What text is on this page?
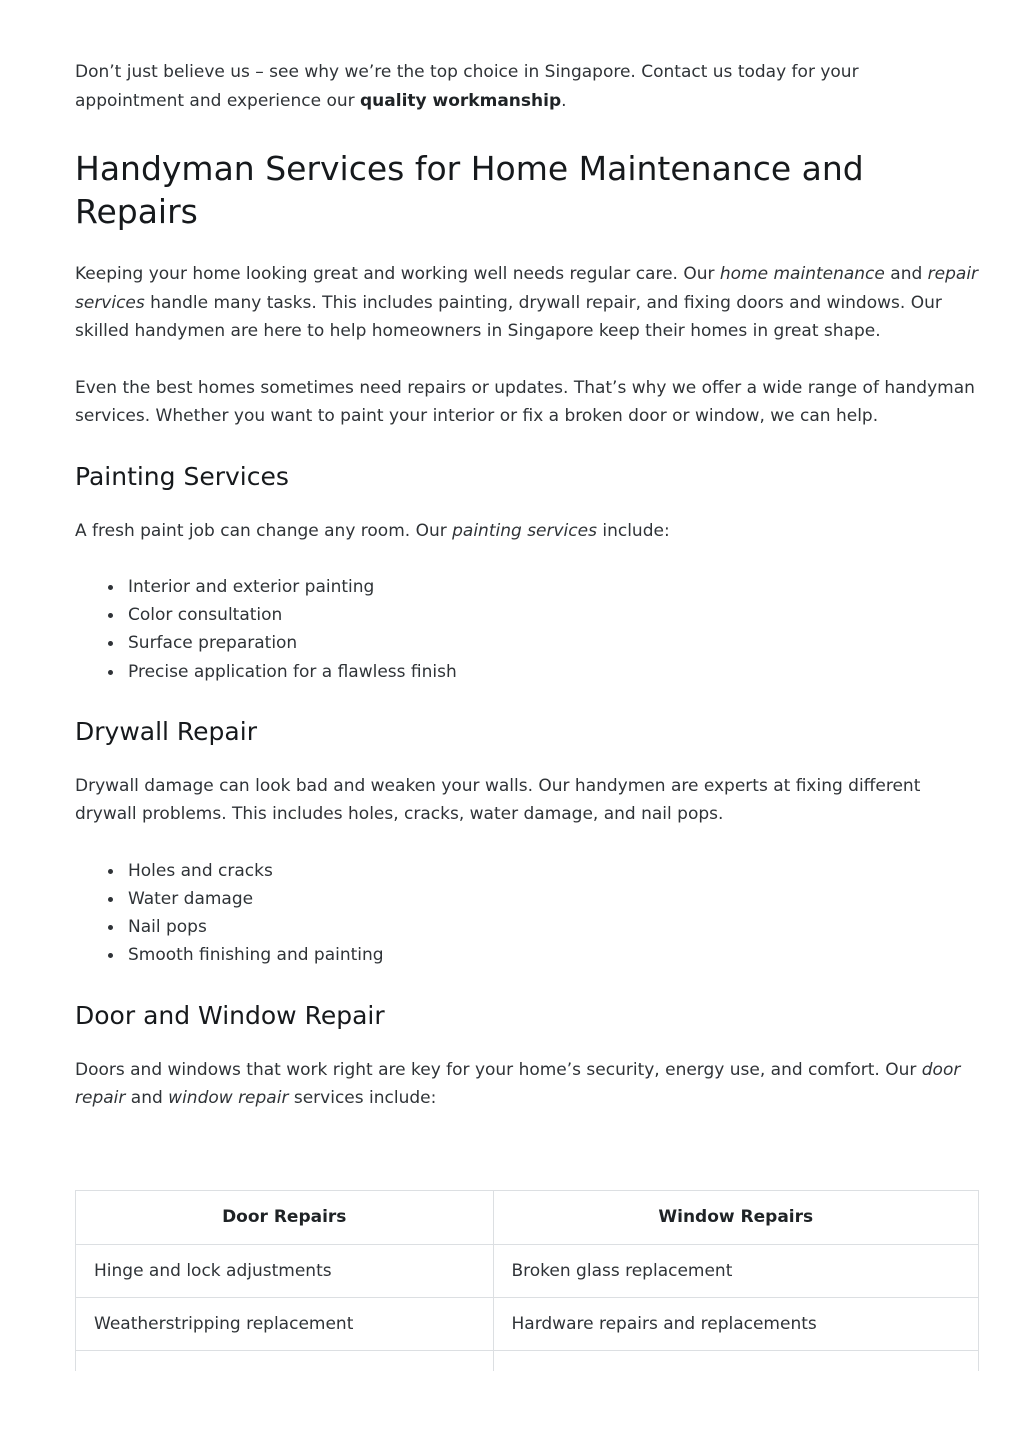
Don’t just believe us – see why we’re the top choice in Singapore. Contact us today for your appointment and experience our quality workmanship.

Handyman Services for Home Maintenance and Repairs

Keeping your home looking great and working well needs regular care. Our home maintenance and repair services handle many tasks. This includes painting, drywall repair, and fixing doors and windows. Our skilled handymen are here to help homeowners in Singapore keep their homes in great shape.

Even the best homes sometimes need repairs or updates. That’s why we offer a wide range of handyman services. Whether you want to paint your interior or fix a broken door or window, we can help.

Painting Services

A fresh paint job can change any room. Our painting services include:

Interior and exterior painting
Color consultation
Surface preparation
Precise application for a flawless finish
Drywall Repair

Drywall damage can look bad and weaken your walls. Our handymen are experts at fixing different drywall problems. This includes holes, cracks, water damage, and nail pops.

Holes and cracks
Water damage
Nail pops
Smooth finishing and painting
Door and Window Repair

Doors and windows that work right are key for your home’s security, energy use, and comfort. Our door repair and window repair services include:

Door Repairs	Window Repairs
Hinge and lock adjustments	Broken glass replacement
Weatherstripping replacement	Hardware repairs and replacements
